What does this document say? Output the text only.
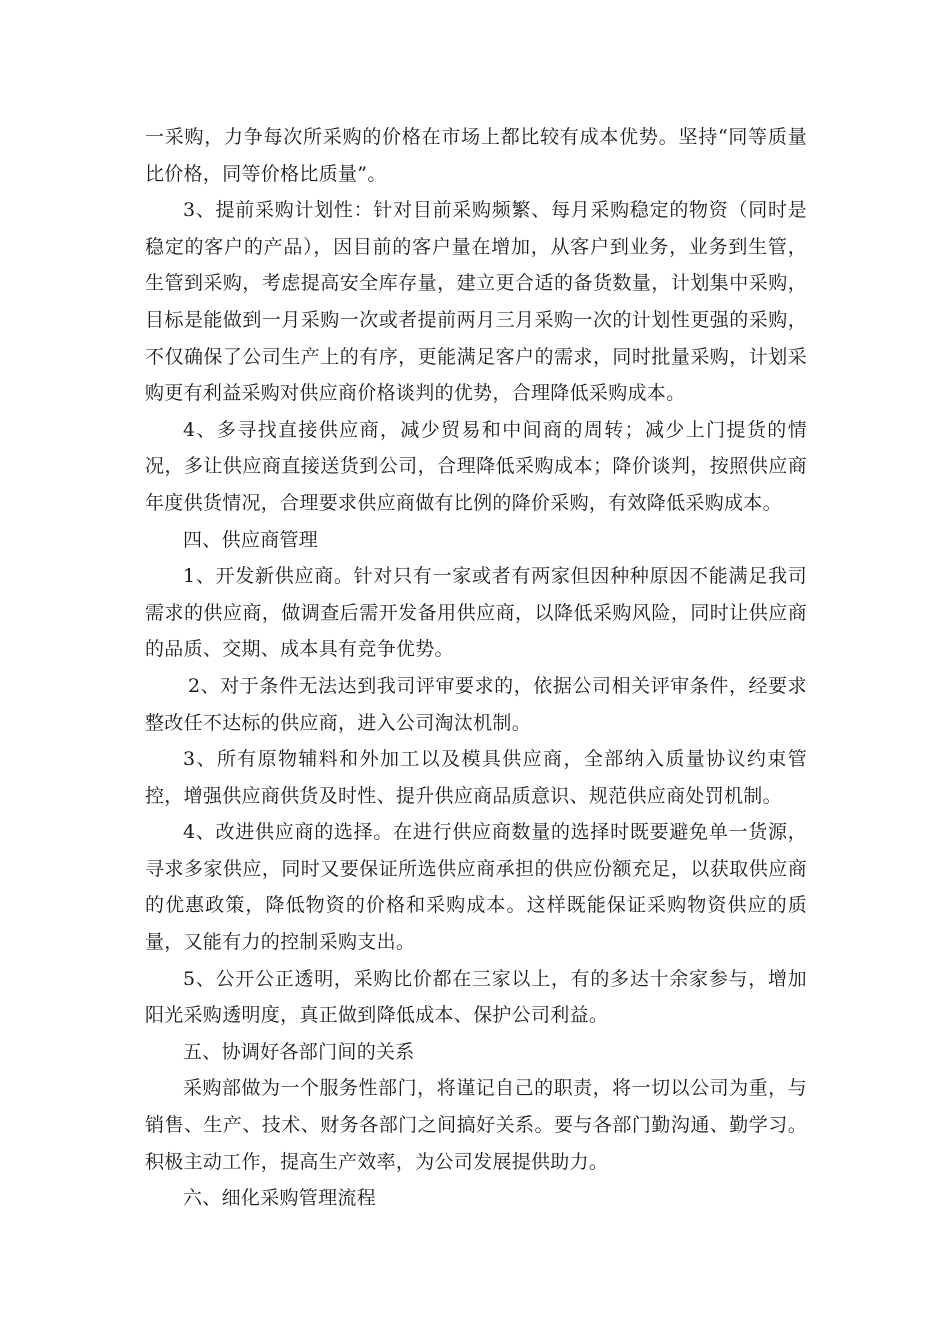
一采购，力争每次所采购的价格在市场上都比较有成本优势。坚持“同等质量比价格，同等价格比质量”。

3、提前采购计划性：针对目前采购频繁、每月采购稳定的物资（同时是稳定的客户的产品），因目前的客户量在增加，从客户到业务，业务到生管，生管到采购，考虑提高安全库存量，建立更合适的备货数量，计划集中采购，目标是能做到一月采购一次或者提前两月三月采购一次的计划性更强的采购，不仅确保了公司生产上的有序，更能满足客户的需求，同时批量采购，计划采购更有利益采购对供应商价格谈判的优势，合理降低采购成本。

4、多寻找直接供应商，减少贸易和中间商的周转；减少上门提货的情况，多让供应商直接送货到公司，合理降低采购成本；降价谈判，按照供应商年度供货情况，合理要求供应商做有比例的降价采购，有效降低采购成本。

四、供应商管理

1、开发新供应商。针对只有一家或者有两家但因种种原因不能满足我司需求的供应商，做调查后需开发备用供应商，以降低采购风险，同时让供应商的品质、交期、成本具有竞争优势。

2、对于条件无法达到我司评审要求的，依据公司相关评审条件，经要求整改任不达标的供应商，进入公司淘汰机制。

3、所有原物辅料和外加工以及模具供应商，全部纳入质量协议约束管控，增强供应商供货及时性、提升供应商品质意识、规范供应商处罚机制。

4、改进供应商的选择。在进行供应商数量的选择时既要避免单一货源，寻求多家供应，同时又要保证所选供应商承担的供应份额充足，以获取供应商的优惠政策，降低物资的价格和采购成本。这样既能保证采购物资供应的质量，又能有力的控制采购支出。

5、公开公正透明，采购比价都在三家以上，有的多达十余家参与，增加阳光采购透明度，真正做到降低成本、保护公司利益。

五、协调好各部门间的关系

采购部做为一个服务性部门，将谨记自己的职责，将一切以公司为重，与销售、生产、技术、财务各部门之间搞好关系。要与各部门勤沟通、勤学习。积极主动工作，提高生产效率，为公司发展提供助力。

六、细化采购管理流程
